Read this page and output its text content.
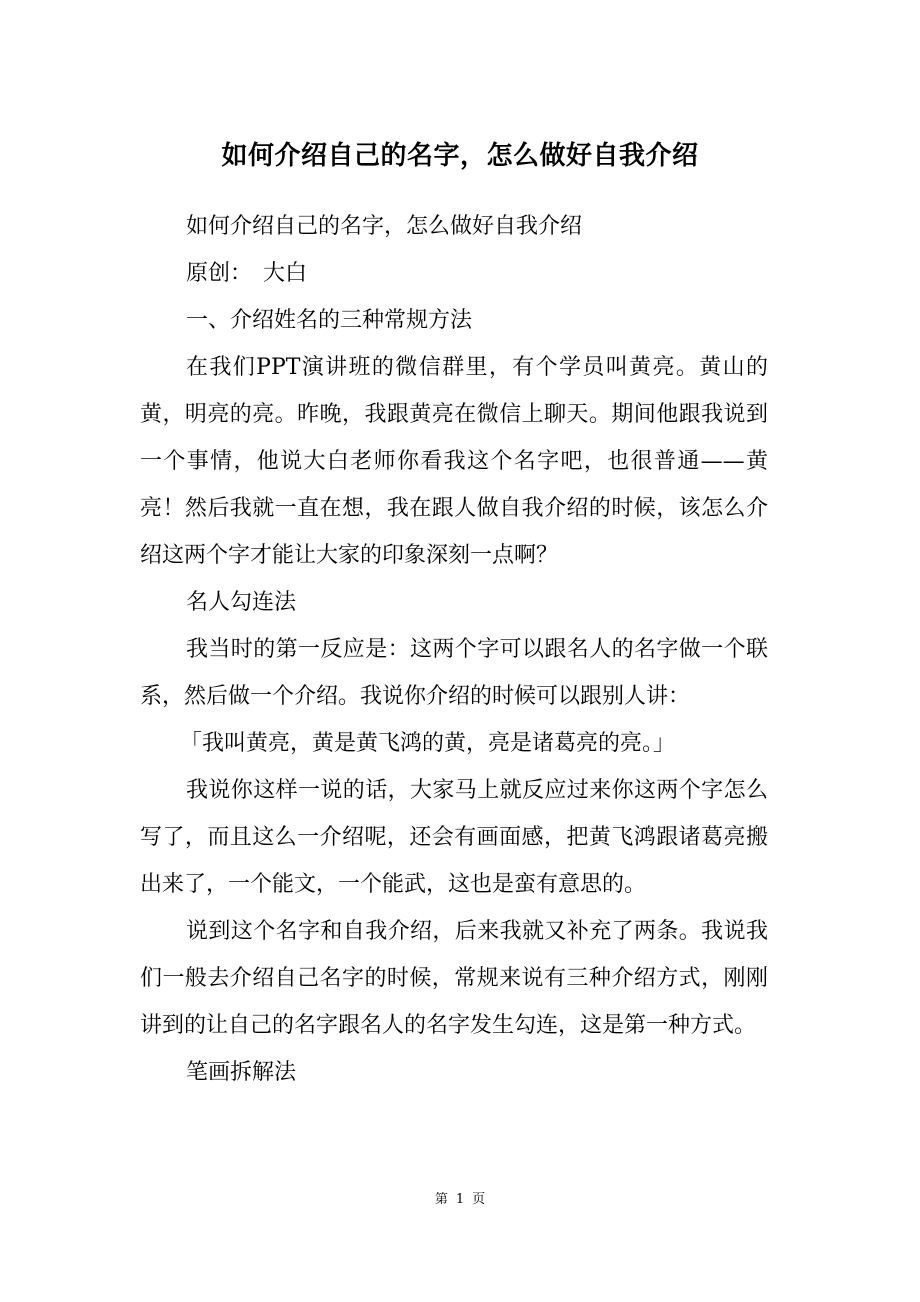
如何介绍自己的名字，怎么做好自我介绍

如何介绍自己的名字，怎么做好自我介绍

原创：　大白

一、介绍姓名的三种常规方法

在我们PPT演讲班的微信群里，有个学员叫黄亮。黄山的黄，明亮的亮。昨晚，我跟黄亮在微信上聊天。期间他跟我说到一个事情，他说大白老师你看我这个名字吧，也很普通——黄亮！然后我就一直在想，我在跟人做自我介绍的时候，该怎么介绍这两个字才能让大家的印象深刻一点啊？

名人勾连法

我当时的第一反应是：这两个字可以跟名人的名字做一个联系，然后做一个介绍。我说你介绍的时候可以跟别人讲：

「我叫黄亮，黄是黄飞鸿的黄，亮是诸葛亮的亮。」

我说你这样一说的话，大家马上就反应过来你这两个字怎么写了，而且这么一介绍呢，还会有画面感，把黄飞鸿跟诸葛亮搬出来了，一个能文，一个能武，这也是蛮有意思的。

说到这个名字和自我介绍，后来我就又补充了两条。我说我们一般去介绍自己名字的时候，常规来说有三种介绍方式，刚刚讲到的让自己的名字跟名人的名字发生勾连，这是第一种方式。

笔画拆解法

第 1 页
